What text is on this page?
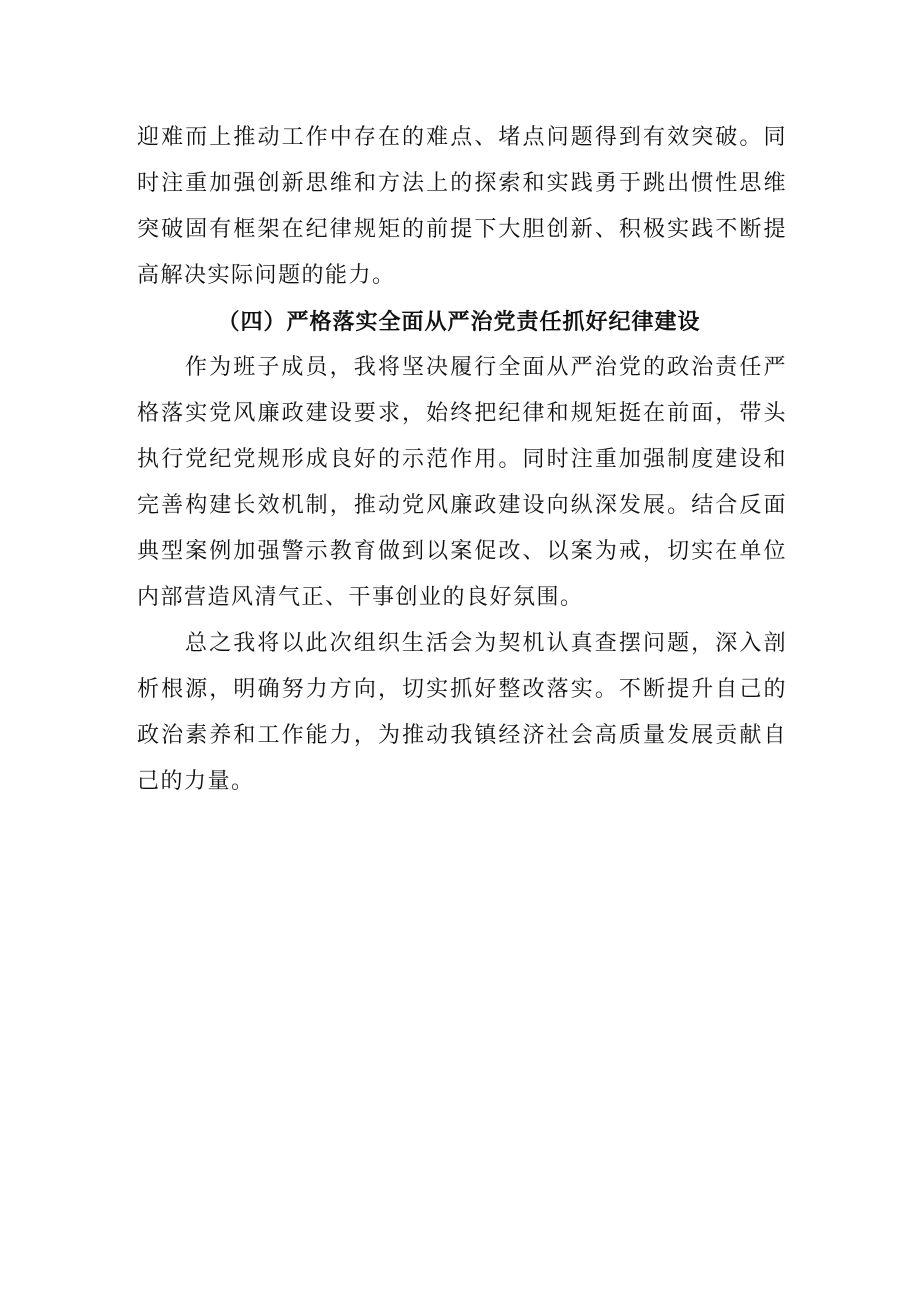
迎难而上推动工作中存在的难点、堵点问题得到有效突破。同时注重加强创新思维和方法上的探索和实践勇于跳出惯性思维突破固有框架在纪律规矩的前提下大胆创新、积极实践不断提高解决实际问题的能力。

（四）严格落实全面从严治党责任抓好纪律建设

作为班子成员，我将坚决履行全面从严治党的政治责任严格落实党风廉政建设要求，始终把纪律和规矩挺在前面，带头执行党纪党规形成良好的示范作用。同时注重加强制度建设和完善构建长效机制，推动党风廉政建设向纵深发展。结合反面典型案例加强警示教育做到以案促改、以案为戒，切实在单位内部营造风清气正、干事创业的良好氛围。

总之我将以此次组织生活会为契机认真查摆问题，深入剖析根源，明确努力方向，切实抓好整改落实。不断提升自己的政治素养和工作能力，为推动我镇经济社会高质量发展贡献自己的力量。
